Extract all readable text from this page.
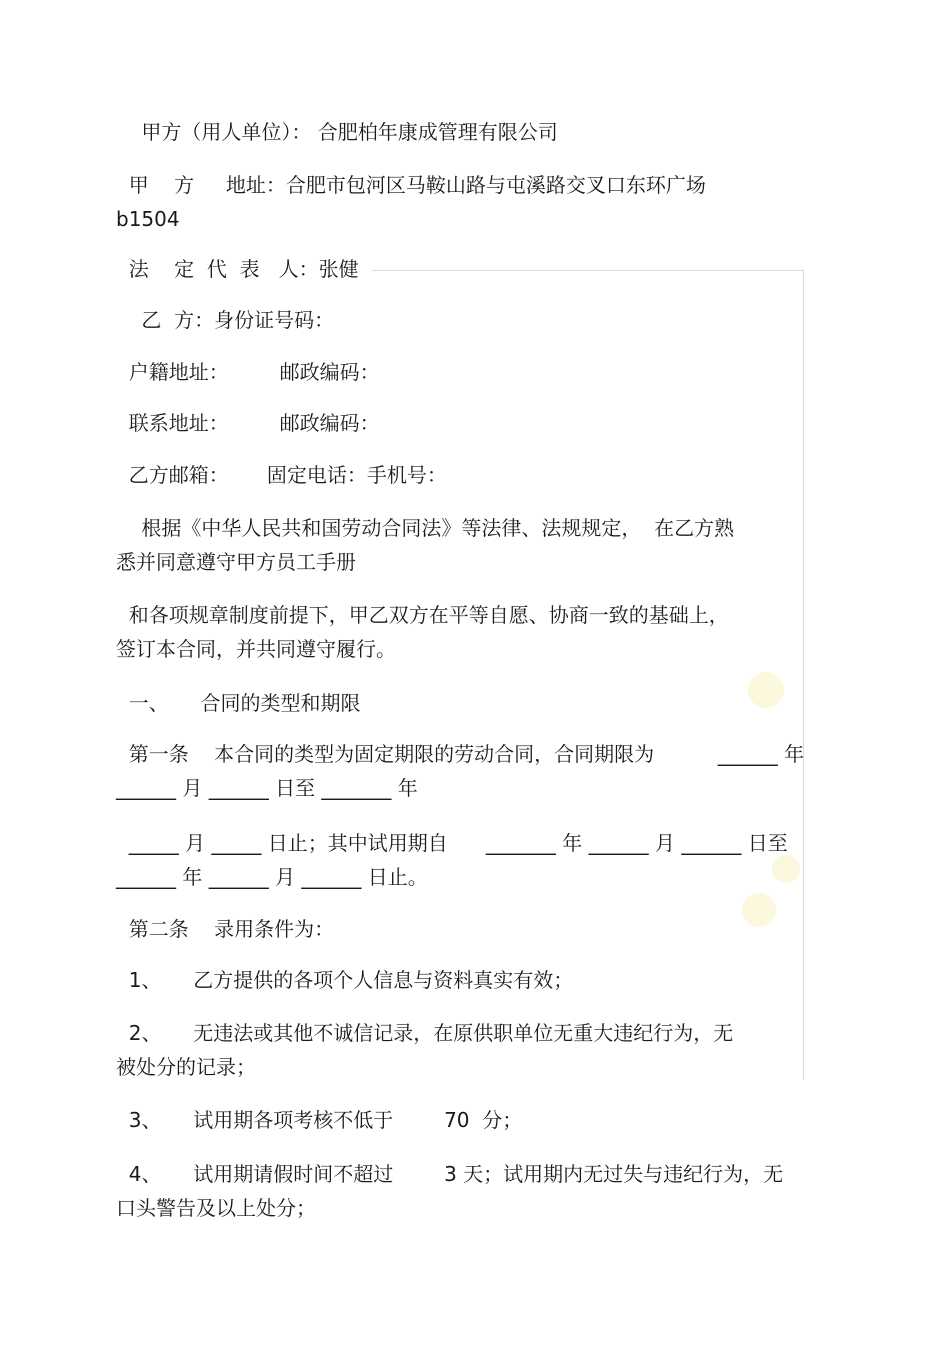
甲方（用人单位）： 合肥柏年康成管理有限公司
甲    方     地址：合肥市包河区马鞍山路与屯溪路交叉口东环广场
b1504
法    定  代  表   人：张健
乙  方：身份证号码：
户籍地址：        邮政编码：
联系地址：        邮政编码：
乙方邮箱：      固定电话：手机号：
根据《中华人民共和国劳动合同法》等法律、法规规定，  在乙方熟
悉并同意遵守甲方员工手册
和各项规章制度前提下，甲乙双方在平等自愿、协商一致的基础上，
签订本合同，并共同遵守履行。
一、     合同的类型和期限
第一条    本合同的类型为固定期限的劳动合同，合同期限为          ______ 年
______ 月 ______ 日至 _______ 年
_____ 月 _____ 日止；其中试用期自      _______ 年 ______ 月 ______ 日至
______ 年 ______ 月 ______ 日止。
第二条    录用条件为：
1、     乙方提供的各项个人信息与资料真实有效；
2、     无违法或其他不诚信记录，在原供职单位无重大违纪行为，无
被处分的记录；
3、     试用期各项考核不低于        70  分；
4、     试用期请假时间不超过        3 天；试用期内无过失与违纪行为，无
口头警告及以上处分；
